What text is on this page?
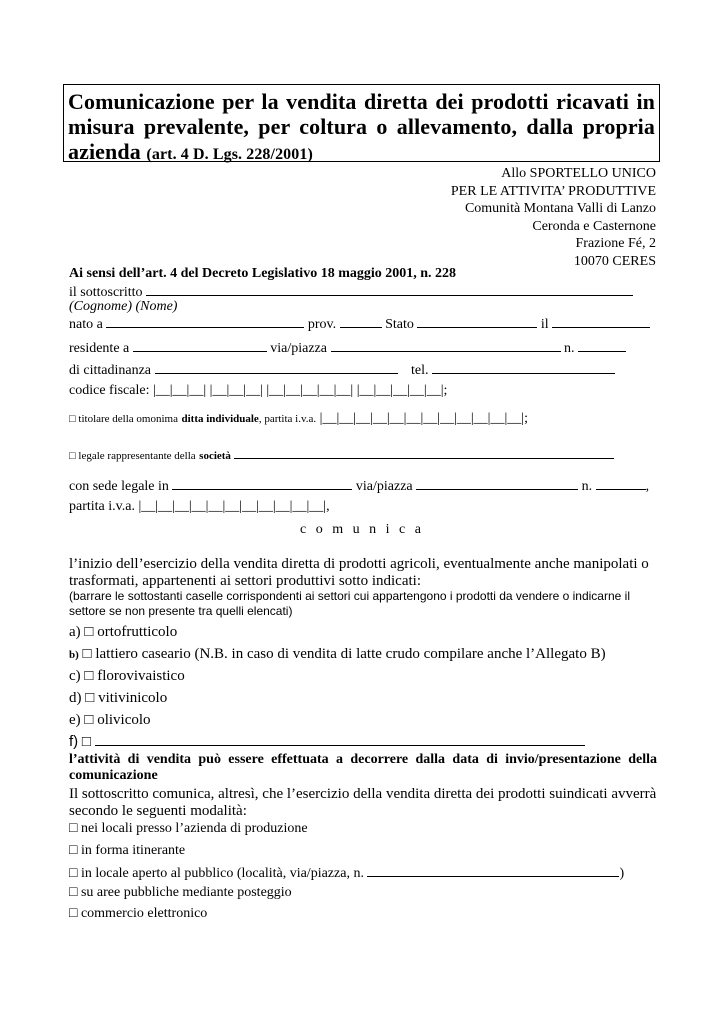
Comunicazione per la vendita diretta dei prodotti ricavati in misura prevalente, per coltura o allevamento, dalla propria azienda (art. 4 D. Lgs. 228/2001)
Allo SPORTELLO UNICO
PER LE ATTIVITA’ PRODUTTIVE
Comunità Montana Valli di Lanzo
Ceronda e Casternone
Frazione Fé, 2
10070 CERES
Ai sensi dell’art. 4 del Decreto Legislativo 18 maggio 2001, n. 228
il sottoscritto
(Cognome) (Nome)
nato a	prov.	Stato	il
residente a	via/piazza	n.
di cittadinanza	tel.
codice fiscale: |__|__|__| |__|__|__| |__|__|__|__|__| |__|__|__|__|__|;
□ titolare della omonima ditta individuale, partita i.v.a. |__|__|__|__|__|__|__|__|__|__|__|__|;
□ legale rappresentante della società
con sede legale in	via/piazza	n.	,
partita i.v.a. |__|__|__|__|__|__|__|__|__|__|__|,
c o m u n i c a
l’inizio dell’esercizio della vendita diretta di prodotti agricoli, eventualmente anche manipolati o trasformati, appartenenti ai settori produttivi sotto indicati:
(barrare le sottostanti caselle corrispondenti ai settori cui appartengono i prodotti da vendere o indicarne il settore se non presente tra quelli elencati)
a) □ ortofrutticolo
b) □ lattiero caseario (N.B. in caso di vendita di latte crudo compilare anche l’Allegato B)
c) □ florovivaistico
d) □ vitivinicolo
e) □ olivicolo
f) □
l’attività di vendita può essere effettuata a decorrere dalla data di invio/presentazione della comunicazione
Il sottoscritto comunica, altresì, che l’esercizio della vendita diretta dei prodotti suindicati avverrà secondo le seguenti modalità:
□ nei locali presso l’azienda di produzione
□ in forma itinerante
□ in locale aperto al pubblico (località, via/piazza, n.	)
□ su aree pubbliche mediante posteggio
□ commercio elettronico
